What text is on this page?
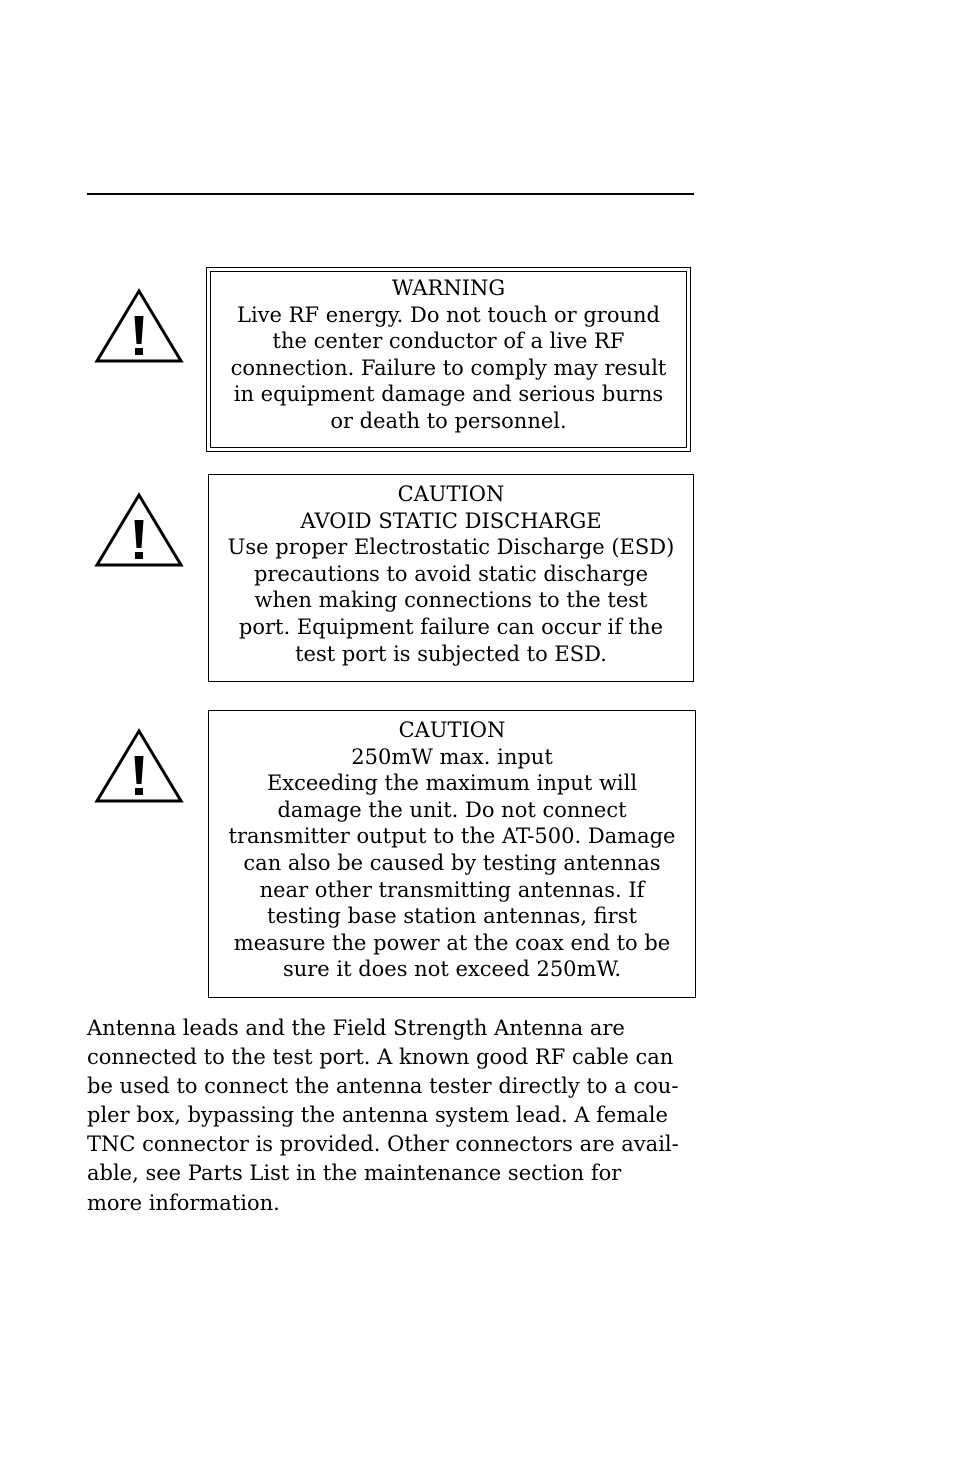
WARNING
Live RF energy. Do not touch or ground
the center conductor of a live RF
connection. Failure to comply may result
in equipment damage and serious burns
or death to personnel.
CAUTION
AVOID STATIC DISCHARGE
Use proper Electrostatic Discharge (ESD)
precautions to avoid static discharge
when making connections to the test
port. Equipment failure can occur if the
test port is subjected to ESD.
CAUTION
250mW max. input
Exceeding the maximum input will
damage the unit. Do not connect
transmitter output to the AT-500. Damage
can also be caused by testing antennas
near other transmitting antennas. If
testing base station antennas, first
measure the power at the coax end to be
sure it does not exceed 250mW.
Antenna leads and the Field Strength Antenna are
connected to the test port. A known good RF cable can
be used to connect the antenna tester directly to a cou-
pler box, bypassing the antenna system lead. A female
TNC connector is provided. Other connectors are avail-
able, see Parts List in the maintenance section for
more information.
